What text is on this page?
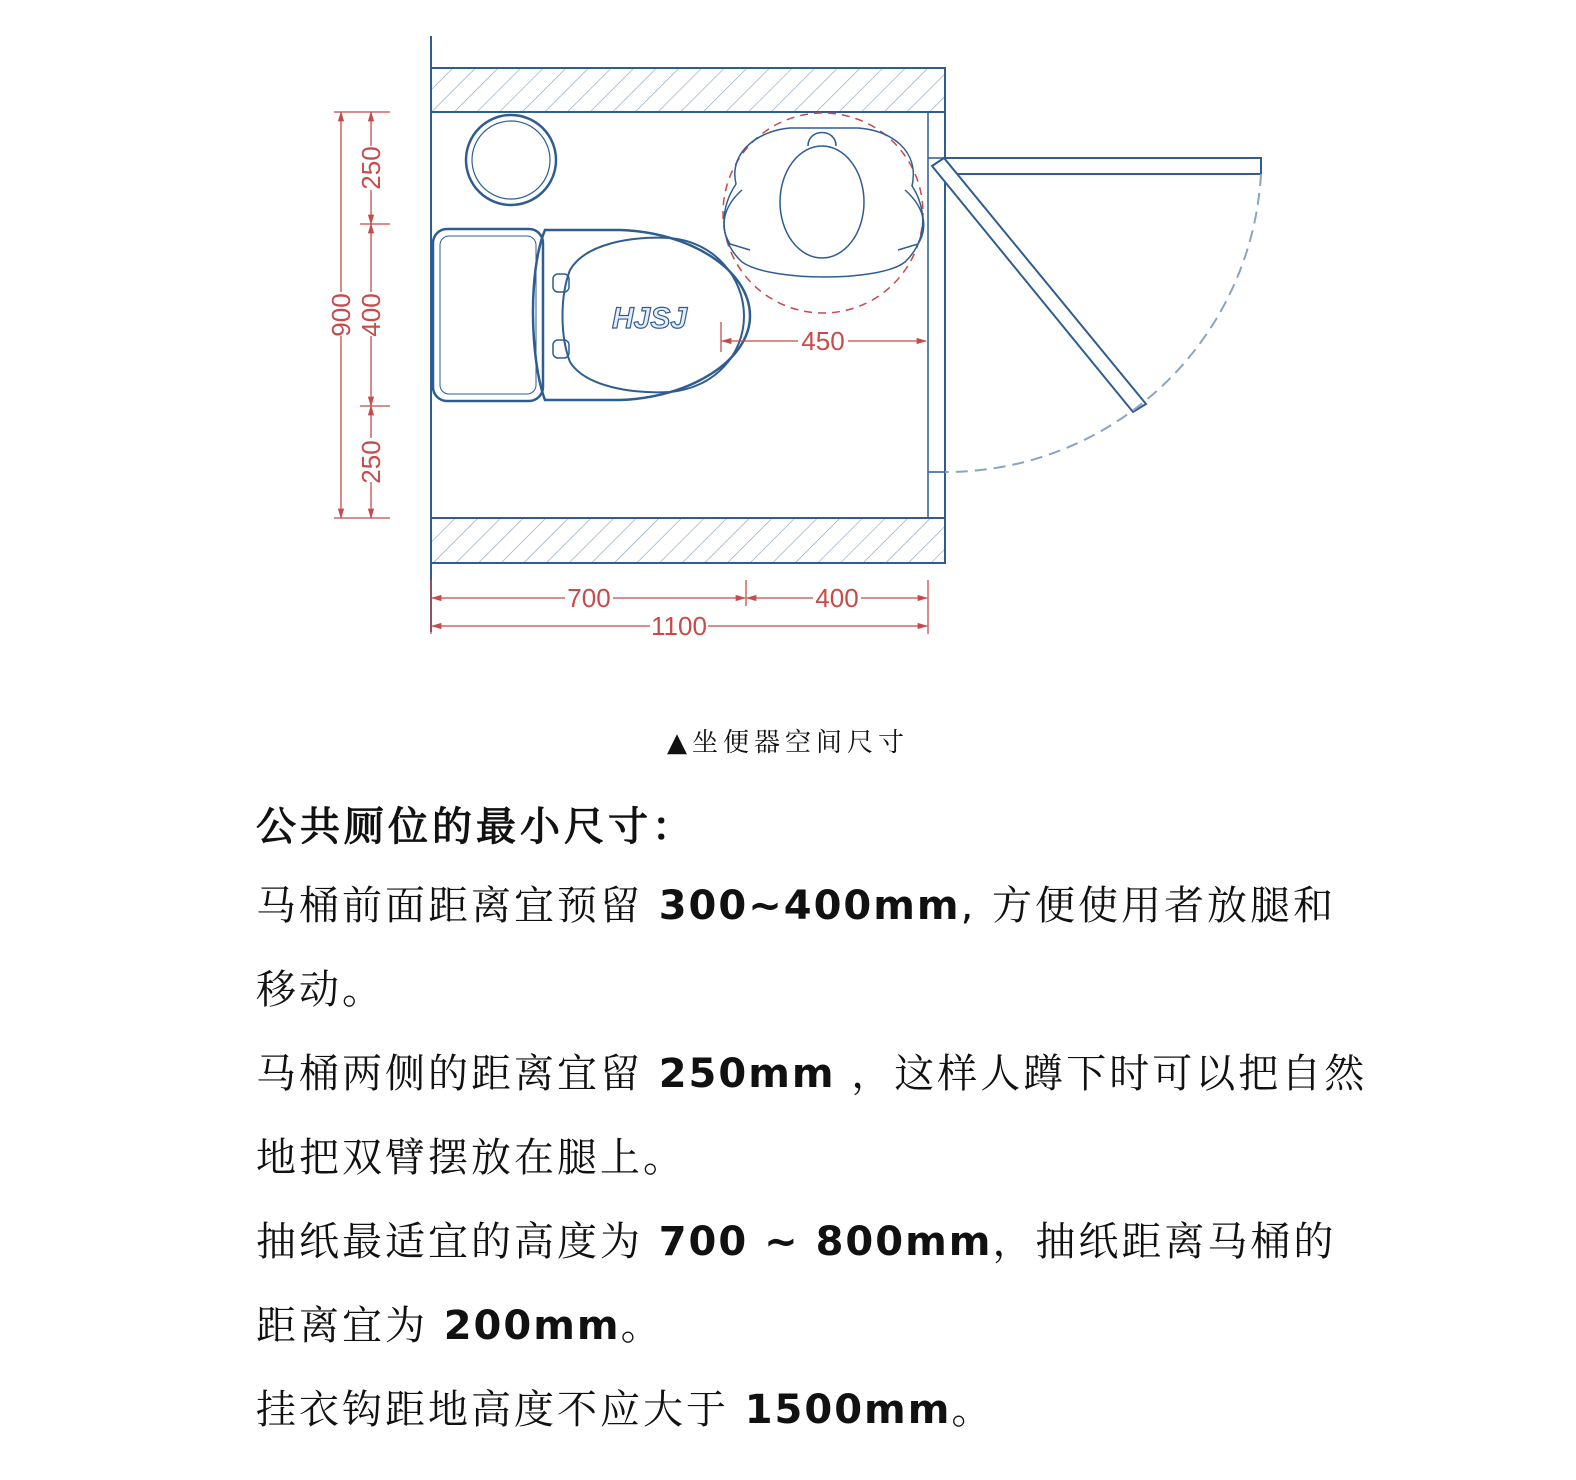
HJSJ
250
400
250
900
450
700	400
1100
▲坐便器空间尺寸

公共厕位的最小尺寸：

马桶前面距离宜预留 300~400mm, 方便使用者放腿和移动。

马桶两侧的距离宜留 250mm ，这样人蹲下时可以把自然地把双臂摆放在腿上。

抽纸最适宜的高度为 700 ~ 800mm，抽纸距离马桶的距离宜为 200mm。

挂衣钩距地高度不应大于 1500mm。
